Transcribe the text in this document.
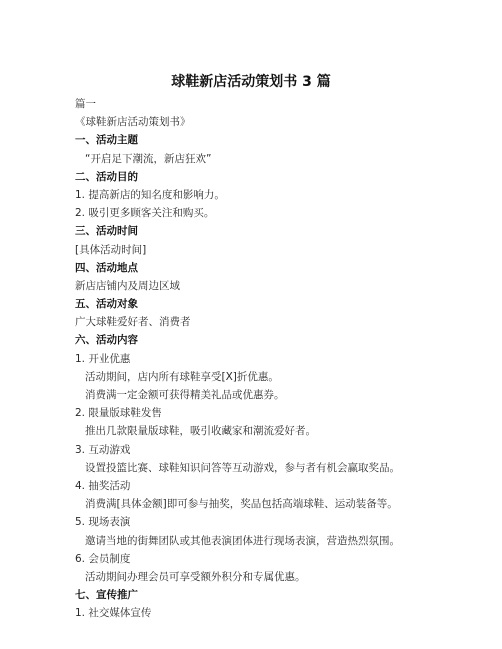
球鞋新店活动策划书 3 篇
篇一
《球鞋新店活动策划书》
一、活动主题
“开启足下潮流，新店狂欢”
二、活动目的
1. 提高新店的知名度和影响力。
2. 吸引更多顾客关注和购买。
三、活动时间
[具体活动时间]
四、活动地点
新店店铺内及周边区域
五、活动对象
广大球鞋爱好者、消费者
六、活动内容
1. 开业优惠
活动期间，店内所有球鞋享受[X]折优惠。
消费满一定金额可获得精美礼品或优惠券。
2. 限量版球鞋发售
推出几款限量版球鞋，吸引收藏家和潮流爱好者。
3. 互动游戏
设置投篮比赛、球鞋知识问答等互动游戏，参与者有机会赢取奖品。
4. 抽奖活动
消费满[具体金额]即可参与抽奖，奖品包括高端球鞋、运动装备等。
5. 现场表演
邀请当地的街舞团队或其他表演团体进行现场表演，营造热烈氛围。
6. 会员制度
活动期间办理会员可享受额外积分和专属优惠。
七、宣传推广
1. 社交媒体宣传
